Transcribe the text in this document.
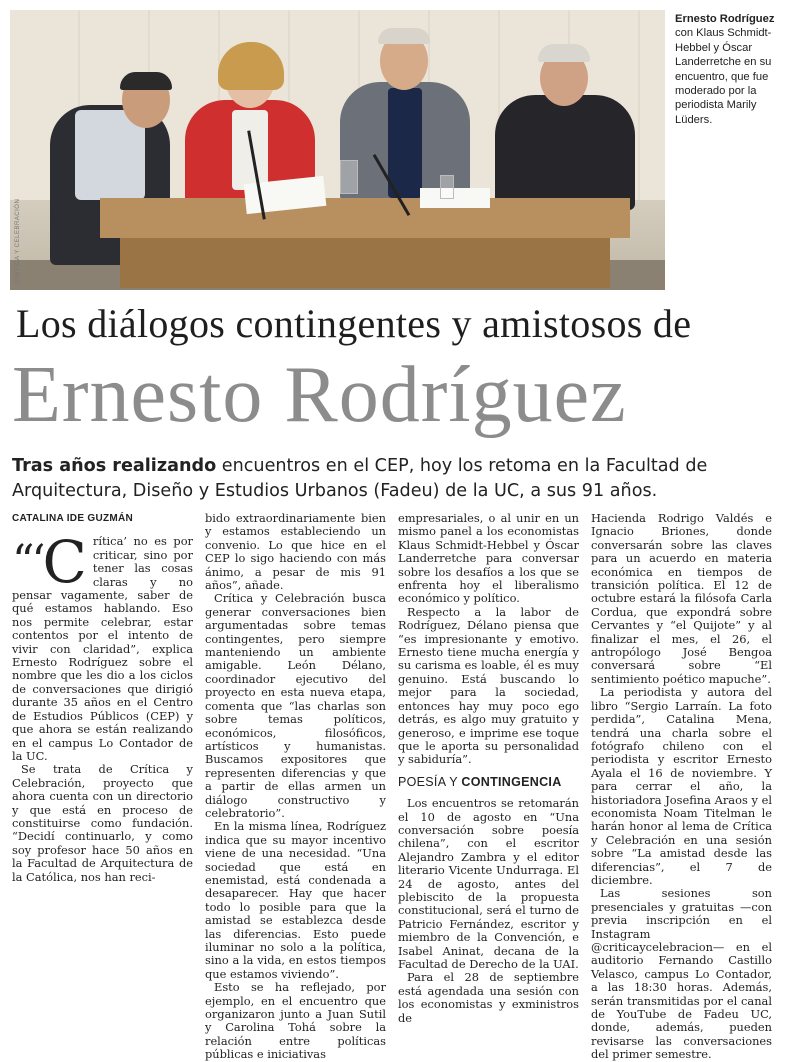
CRÍTICA Y CELEBRACIÓN
Ernesto Rodríguez con Klaus Schmidt-Hebbel y Óscar Landerretche en su encuentro, que fue moderado por la periodista Marily Lüders.
Los diálogos contingentes y amistosos de
Ernesto Rodríguez
Tras años realizando encuentros en el CEP, hoy los retoma en la Facultad de Arquitectura, Diseño y Estudios Urbanos (Fadeu) de la UC, a sus 91 años.
CATALINA IDE GUZMÁN
“‘C rítica’ no es por criticar, sino por tener las cosas claras y no pensar vagamente, saber de qué estamos hablando. Eso nos permite celebrar, estar contentos por el intento de vivir con claridad”, explica Ernesto Rodríguez sobre el nombre que les dio a los ciclos de conversaciones que dirigió durante 35 años en el Centro de Estudios Públicos (CEP) y que ahora se están realizando en el campus Lo Contador de la UC.

Se trata de Crítica y Celebración, proyecto que ahora cuenta con un directorio y que está en proceso de constituirse como fundación. “Decidí continuarlo, y como soy profesor hace 50 años en la Facultad de Arquitectura de la Católica, nos han reci-

bido extraordinariamente bien y estamos estableciendo un convenio. Lo que hice en el CEP lo sigo haciendo con más ánimo, a pesar de mis 91 años”, añade.

Crítica y Celebración busca generar conversaciones bien argumentadas sobre temas contingentes, pero siempre manteniendo un ambiente amigable. León Délano, coordinador ejecutivo del proyecto en esta nueva etapa, comenta que “las charlas son sobre temas políticos, económicos, filosóficos, artísticos y humanistas. Buscamos expositores que representen diferencias y que a partir de ellas armen un diálogo constructivo y celebratorio”.

En la misma línea, Rodríguez indica que su mayor incentivo viene de una necesidad. “Una sociedad que está en enemistad, está condenada a desaparecer. Hay que hacer todo lo posible para que la amistad se establezca desde las diferencias. Esto puede iluminar no solo a la política, sino a la vida, en estos tiempos que estamos viviendo”.

Esto se ha reflejado, por ejemplo, en el encuentro que organizaron junto a Juan Sutil y Carolina Tohá sobre la relación entre políticas públicas e iniciativas

empresariales, o al unir en un mismo panel a los economistas Klaus Schmidt-Hebbel y Óscar Landerretche para conversar sobre los desafíos a los que se enfrenta hoy el liberalismo económico y político.

Respecto a la labor de Rodríguez, Délano piensa que “es impresionante y emotivo. Ernesto tiene mucha energía y su carisma es loable, él es muy genuino. Está buscando lo mejor para la sociedad, entonces hay muy poco ego detrás, es algo muy gratuito y generoso, e imprime ese toque que le aporta su personalidad y sabiduría”.

POESÍA Y CONTINGENCIA

Los encuentros se retomarán el 10 de agosto en “Una conversación sobre poesía chilena”, con el escritor Alejandro Zambra y el editor literario Vicente Undurraga. El 24 de agosto, antes del plebiscito de la propuesta constitucional, será el turno de Patricio Fernández, escritor y miembro de la Convención, e Isabel Aninat, decana de la Facultad de Derecho de la UAI.

Para el 28 de septiembre está agendada una sesión con los economistas y exministros de

Hacienda Rodrigo Valdés e Ignacio Briones, donde conversarán sobre las claves para un acuerdo en materia económica en tiempos de transición política. El 12 de octubre estará la filósofa Carla Cordua, que expondrá sobre Cervantes y “el Quijote” y al finalizar el mes, el 26, el antropólogo José Bengoa conversará sobre “El sentimiento poético mapuche”.

La periodista y autora del libro “Sergio Larraín. La foto perdida”, Catalina Mena, tendrá una charla sobre el fotógrafo chileno con el periodista y escritor Ernesto Ayala el 16 de noviembre. Y para cerrar el año, la historiadora Josefina Araos y el economista Noam Titelman le harán honor al lema de Crítica y Celebración en una sesión sobre “La amistad desde las diferencias”, el 7 de diciembre.

Las sesiones son presenciales y gratuitas —con previa inscripción en el Instagram @criticaycelebracion— en el auditorio Fernando Castillo Velasco, campus Lo Contador, a las 18:30 horas. Además, serán transmitidas por el canal de YouTube de Fadeu UC, donde, además, pueden revisarse las conversaciones del primer semestre.
